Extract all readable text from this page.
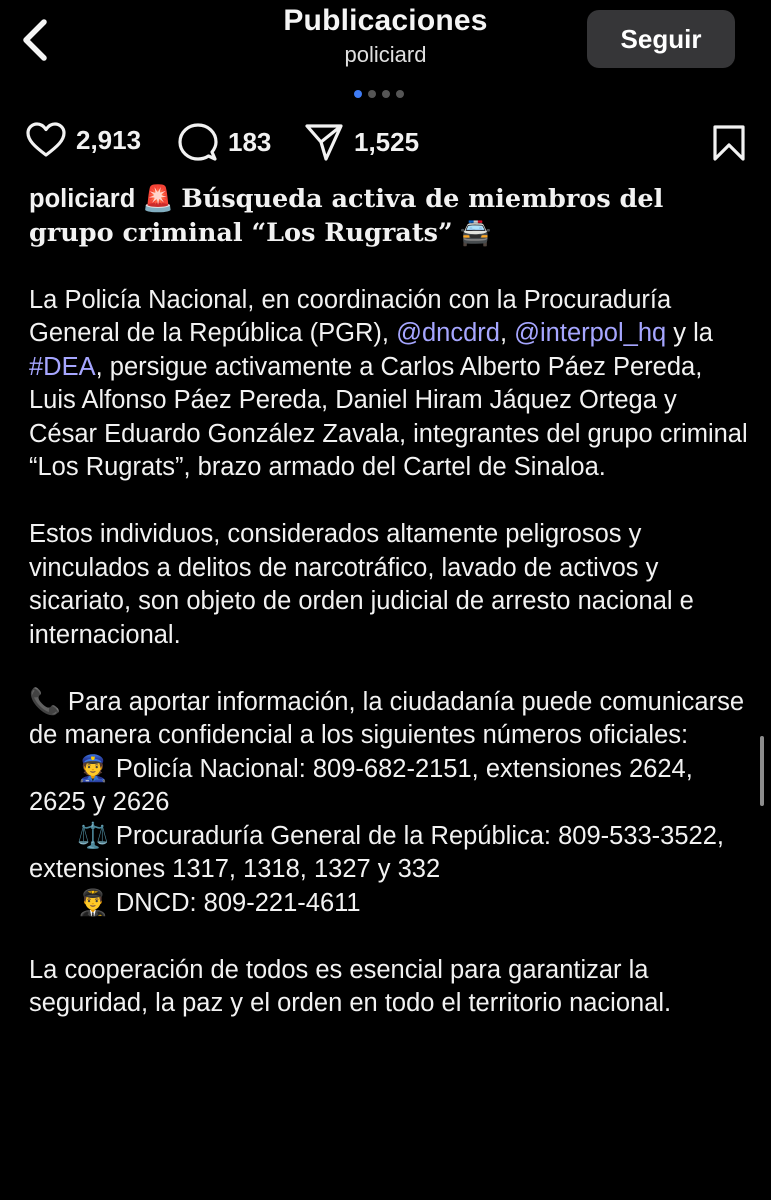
Publicaciones
policiard
Seguir
2,913	183	1,525

policiard 🚨 Búsqueda activa de miembros del grupo criminal “Los Rugrats” 🚔

La Policía Nacional, en coordinación con la Procuraduría General de la República (PGR), @dncdrd, @interpol_hq y la #DEA, persigue activamente a Carlos Alberto Páez Pereda, Luis Alfonso Páez Pereda, Daniel Hiram Jáquez Ortega y César Eduardo González Zavala, integrantes del grupo criminal “Los Rugrats”, brazo armado del Cartel de Sinaloa.

Estos individuos, considerados altamente peligrosos y vinculados a delitos de narcotráfico, lavado de activos y sicariato, son objeto de orden judicial de arresto nacional e internacional.

📞 Para aportar información, la ciudadanía puede comunicarse de manera confidencial a los siguientes números oficiales:

👮 Policía Nacional: 809-682-2151, extensiones 2624, 2625 y 2626

⚖️ Procuraduría General de la República: 809-533-3522, extensiones 1317, 1318, 1327 y 332

👨‍✈️ DNCD: 809-221-4611

La cooperación de todos es esencial para garantizar la seguridad, la paz y el orden en todo el territorio nacional.
